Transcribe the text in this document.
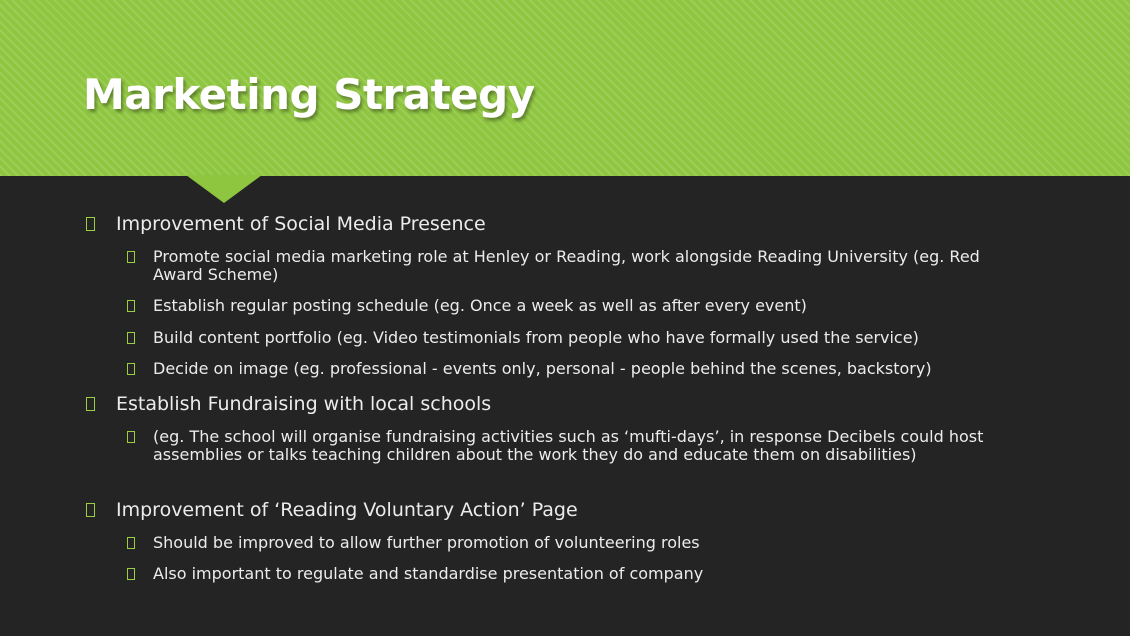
Marketing Strategy
Improvement of Social Media Presence
Promote social media marketing role at Henley or Reading, work alongside Reading University (eg. Red Award Scheme)
Establish regular posting schedule (eg. Once a week as well as after every event)
Build content portfolio (eg. Video testimonials from people who have formally used the service)
Decide on image (eg. professional - events only, personal - people behind the scenes, backstory)
Establish Fundraising with local schools
(eg. The school will organise fundraising activities such as ‘mufti-days’, in response Decibels could host assemblies or talks teaching children about the work they do and educate them on disabilities)
Improvement of ‘Reading Voluntary Action’ Page
Should be improved to allow further promotion of volunteering roles
Also important to regulate and standardise presentation of company
